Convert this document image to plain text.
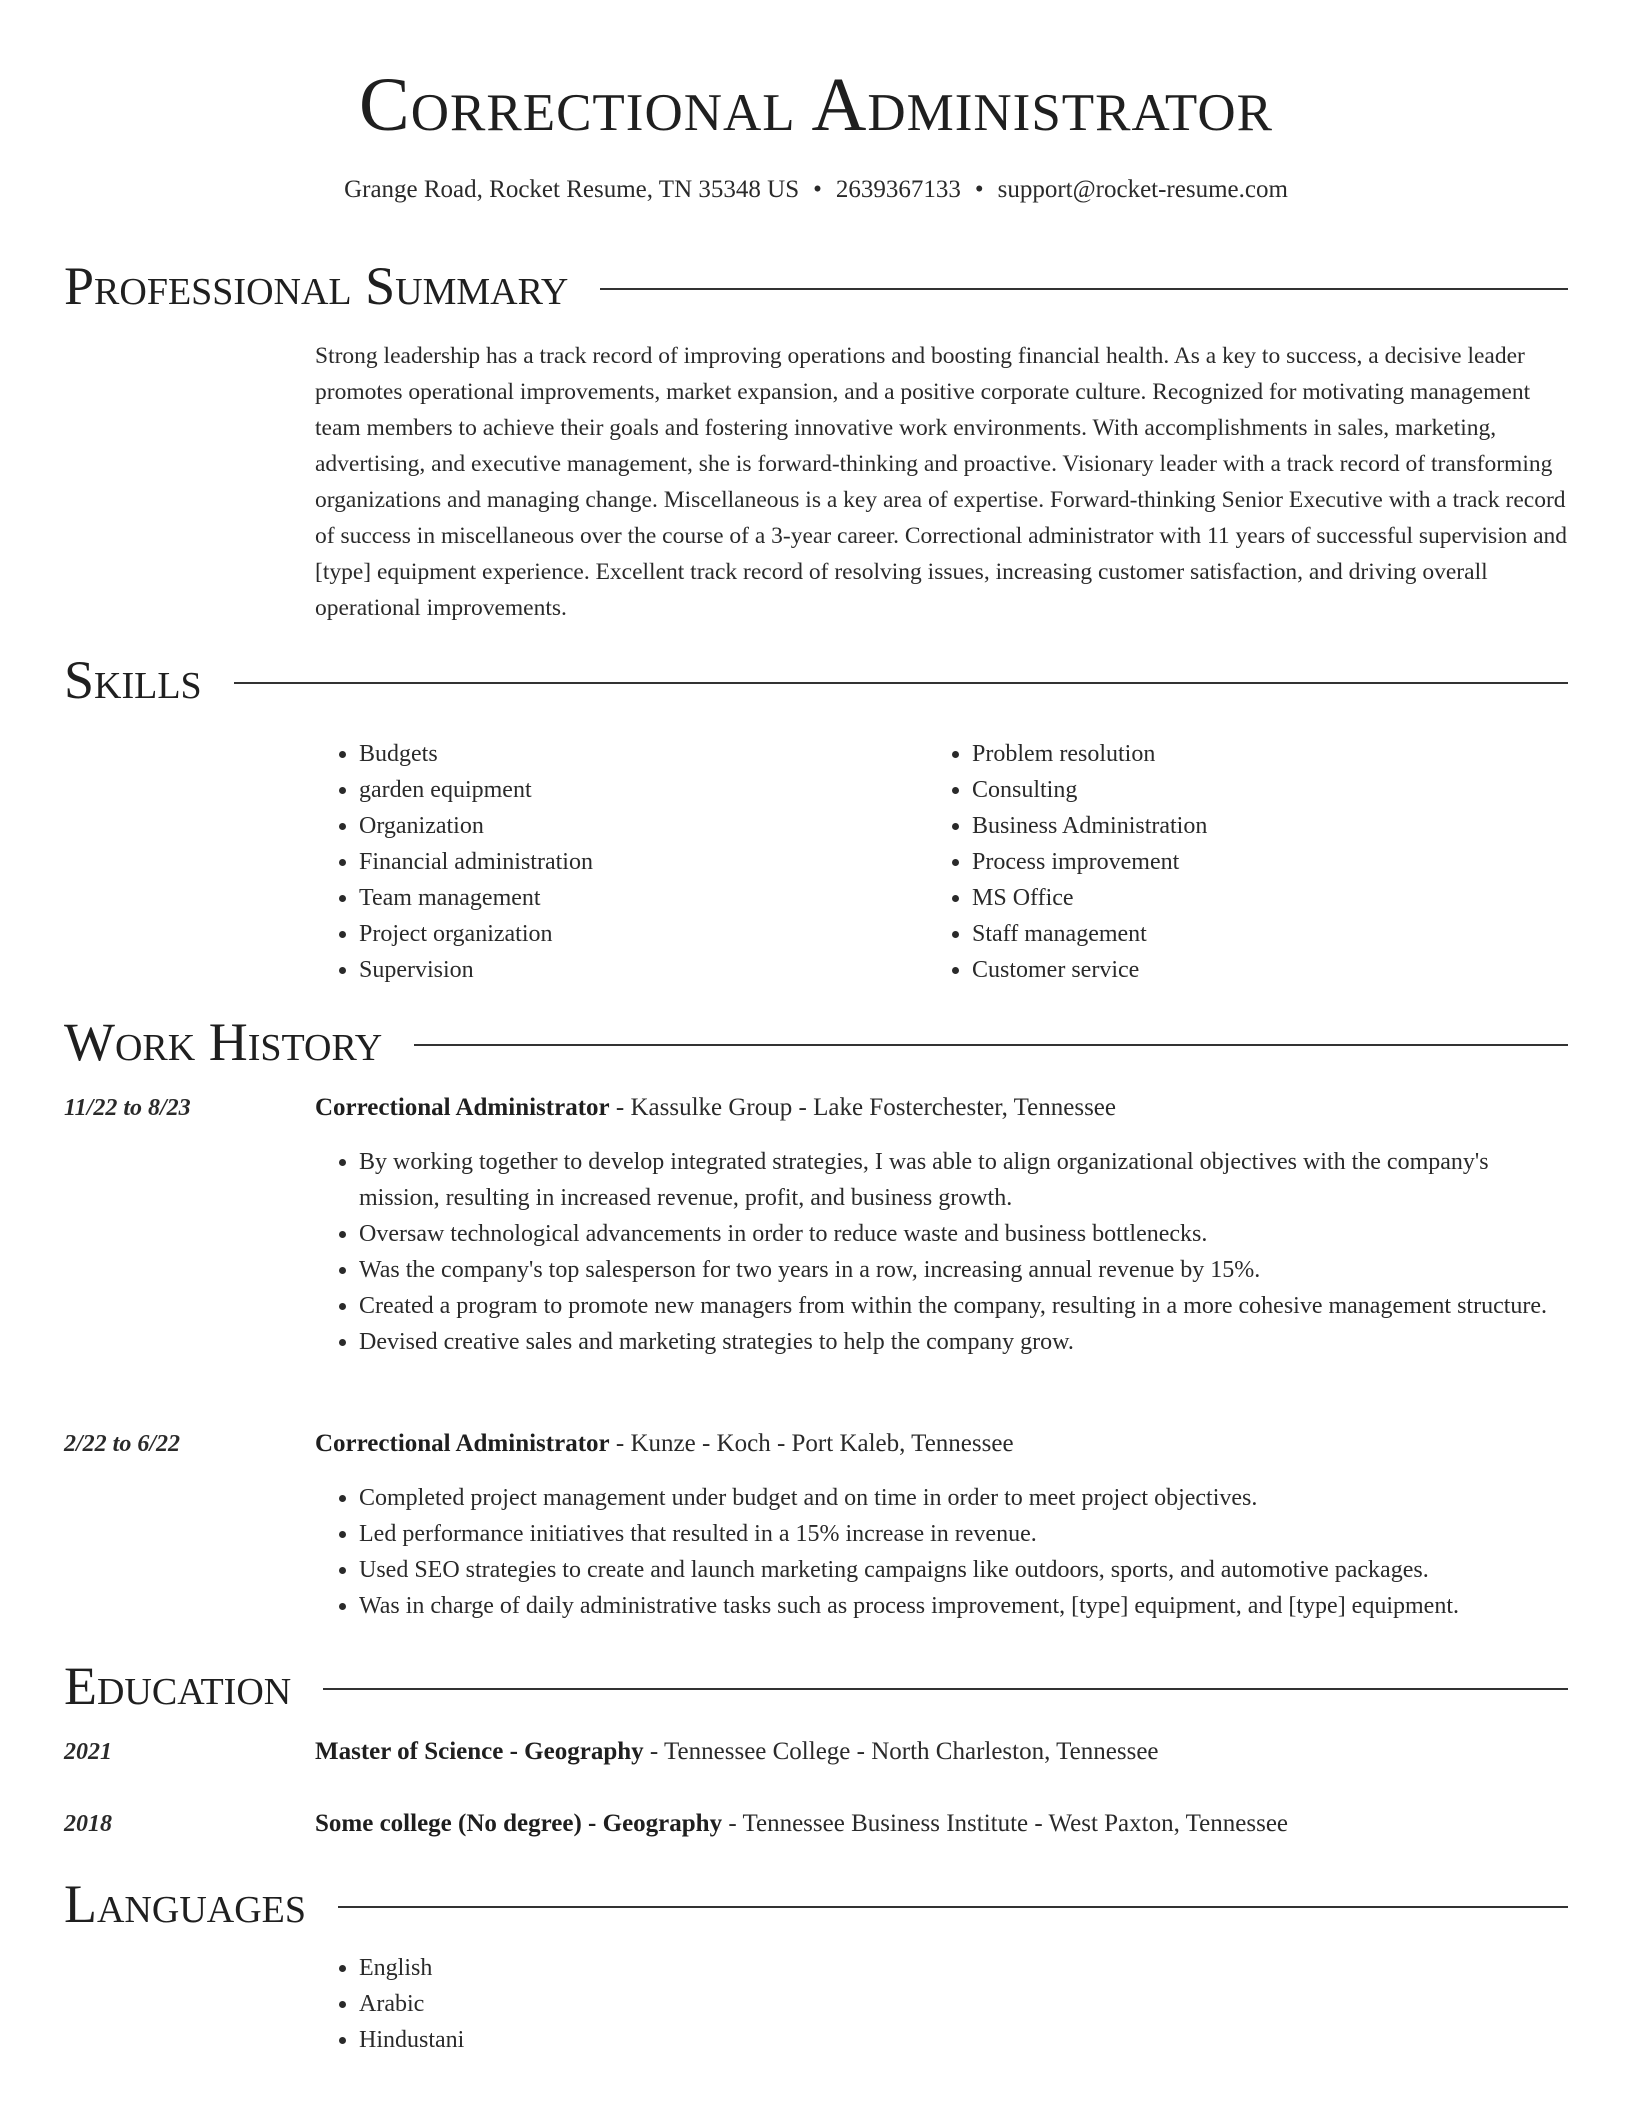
Correctional Administrator
Grange Road, Rocket Resume, TN 35348 US • 2639367133 • support@rocket-resume.com
Professional Summary

Strong leadership has a track record of improving operations and boosting financial health. As a key to success, a decisive leader promotes operational improvements, market expansion, and a positive corporate culture. Recognized for motivating management team members to achieve their goals and fostering innovative work environments. With accomplishments in sales, marketing, advertising, and executive management, she is forward-thinking and proactive. Visionary leader with a track record of transforming organizations and managing change. Miscellaneous is a key area of expertise. Forward-thinking Senior Executive with a track record of success in miscellaneous over the course of a 3-year career. Correctional administrator with 11 years of successful supervision and [type] equipment experience. Excellent track record of resolving issues, increasing customer satisfaction, and driving overall operational improvements.

Skills
• Budgets
• garden equipment
• Organization
• Financial administration
• Team management
• Project organization
• Supervision
• Problem resolution
• Consulting
• Business Administration
• Process improvement
• MS Office
• Staff management
• Customer service
Work History
11/22 to 8/23	Correctional Administrator - Kassulke Group - Lake Fosterchester, Tennessee
• By working together to develop integrated strategies, I was able to align organizational objectives with the company's mission, resulting in increased revenue, profit, and business growth.
• Oversaw technological advancements in order to reduce waste and business bottlenecks.
• Was the company's top salesperson for two years in a row, increasing annual revenue by 15%.
• Created a program to promote new managers from within the company, resulting in a more cohesive management structure.
• Devised creative sales and marketing strategies to help the company grow.
2/22 to 6/22	Correctional Administrator - Kunze - Koch - Port Kaleb, Tennessee
• Completed project management under budget and on time in order to meet project objectives.
• Led performance initiatives that resulted in a 15% increase in revenue.
• Used SEO strategies to create and launch marketing campaigns like outdoors, sports, and automotive packages.
• Was in charge of daily administrative tasks such as process improvement, [type] equipment, and [type] equipment.
Education
2021	Master of Science - Geography - Tennessee College - North Charleston, Tennessee
2018	Some college (No degree) - Geography - Tennessee Business Institute - West Paxton, Tennessee
Languages
• English
• Arabic
• Hindustani
